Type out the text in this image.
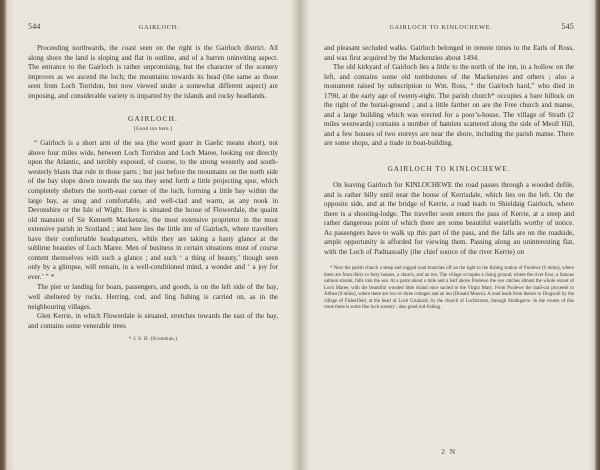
544	GAIRLOCH.

Proceeding northwards, the coast seen on the right is the Gairloch district. All along shore the land is sloping and flat in outline, and of a barren uninviting aspect. The entrance to the Gairloch is rather unpromising, but the character of the scenery improves as we ascend the loch; the mountains towards its head (the same as those seen from Loch Torridon, but now viewed under a somewhat different aspect) are imposing, and considerable variety is imparted by the islands and rocky headlands.

GAIRLOCH.
[Good inn here.]

“ Gairloch is a short arm of the sea (the word gearr in Gaelic means short), not above four miles wide, between Loch Torridon and Loch Maree, looking out directly upon the Atlantic, and terribly exposed, of course, to the strong westerly and south-westerly blasts that rule in those parts ; but just before the mountains on the north side of the bay slope down towards the sea they send forth a little projecting spur, which completely shelters the north-east corner of the loch, forming a little bay within the large bay, as snug and comfortable, and well-clad and warm, as any nook in Devonshire or the Isle of Wight. Here is situated the house of Flowerdale, the quaint old mansion of Sir Kenneth Mackenzie, the most extensive proprietor in the most extensive parish in Scotland ; and here lies the little inn of Gairloch, where travellers have their comfortable headquarters, while they are taking a hasty glance at the sublime beauties of Loch Maree. Men of business in certain situations must of course content themselves with such a glance ; and such ‘ a thing of beauty,’ though seen only by a glimpse, will remain, in a well-conditioned mind, a wonder and ‘ a joy for ever.’ ” *

The pier or landing for boats, passengers, and goods, is on the left side of the bay, well sheltered by rocks. Herring, cod, and ling fishing is carried on, as in the neighbouring villages.

Glen Kerrie, in which Flowerdale is situated, stretches towards the east of the bay, and contains some venerable trees

* J. S. B. (Scotsman.)

GAIRLOCH TO KINLOCHEWE.	545

and pleasant secluded walks. Gairloch belonged in remote times to the Earls of Ross, and was first acquired by the Mackenzies about 1494.

The old kirkyard of Gairloch lies a little to the north of the inn, in a hollow on the left, and contains some old tombstones of the Mackenzies and others ; also a monument raised by subscription to Wm. Ross, “ the Gairloch bard,” who died in 1790, at the early age of twenty-eight. The parish church* occupies a bare hillock on the right of the burial-ground ; and a little farther on are the Free church and manse, and a large building which was erected for a poor’s-house. The village of Strath (2 miles westwards) contains a number of hamlets scattered along the side of Meoll Hill, and a few houses of two storeys are near the shore, including the parish manse. There are some shops, and a trade in boat-building.

GAIRLOCH TO KINLOCHEWE.

On leaving Gairloch for KINLOCHEWE the road passes through a wooded defile, and is rather hilly until near the house of Kerrisdale, which lies on the left. On the opposite side, and at the bridge of Kerrie, a road leads to Shieldaig Gairloch, where there is a shooting-lodge. The traveller soon enters the pass of Kerrie, at a steep and rather dangerous point of which there are some beautiful waterfalls worthy of notice. As passengers have to walk up this part of the pass, and the falls are on the roadside, ample opportunity is afforded for viewing them. Passing along an uninteresting flat, with the Loch of Padnasoally (the chief source of the river Kerrie) on

* Near the parish church a steep and rugged road branches off on the right to the fishing station of Poolewe (6 miles), where there are from thirty to forty houses, a church, and an inn. The village occupies a rising ground, where the river Ewe, a famous salmon stream, falls into the sea. At a point about a mile and a half above Poolewe the eye catches almost the whole extent of Loch Maree, with the beautiful wooded little island once sacred to the Virgin Mary. From Poolewe the mail-car proceeds to Altbea (6 miles), where there are two or three cottages and an inn (Donald Munro). A road leads from thence to Dingwall by the village of Fisherfield, at the head of Loch Gruinard, by the church of Lochbroom, through Strathgarve. In the course of this route there is some fine loch scenery ; also good rod-fishing.

2 N
